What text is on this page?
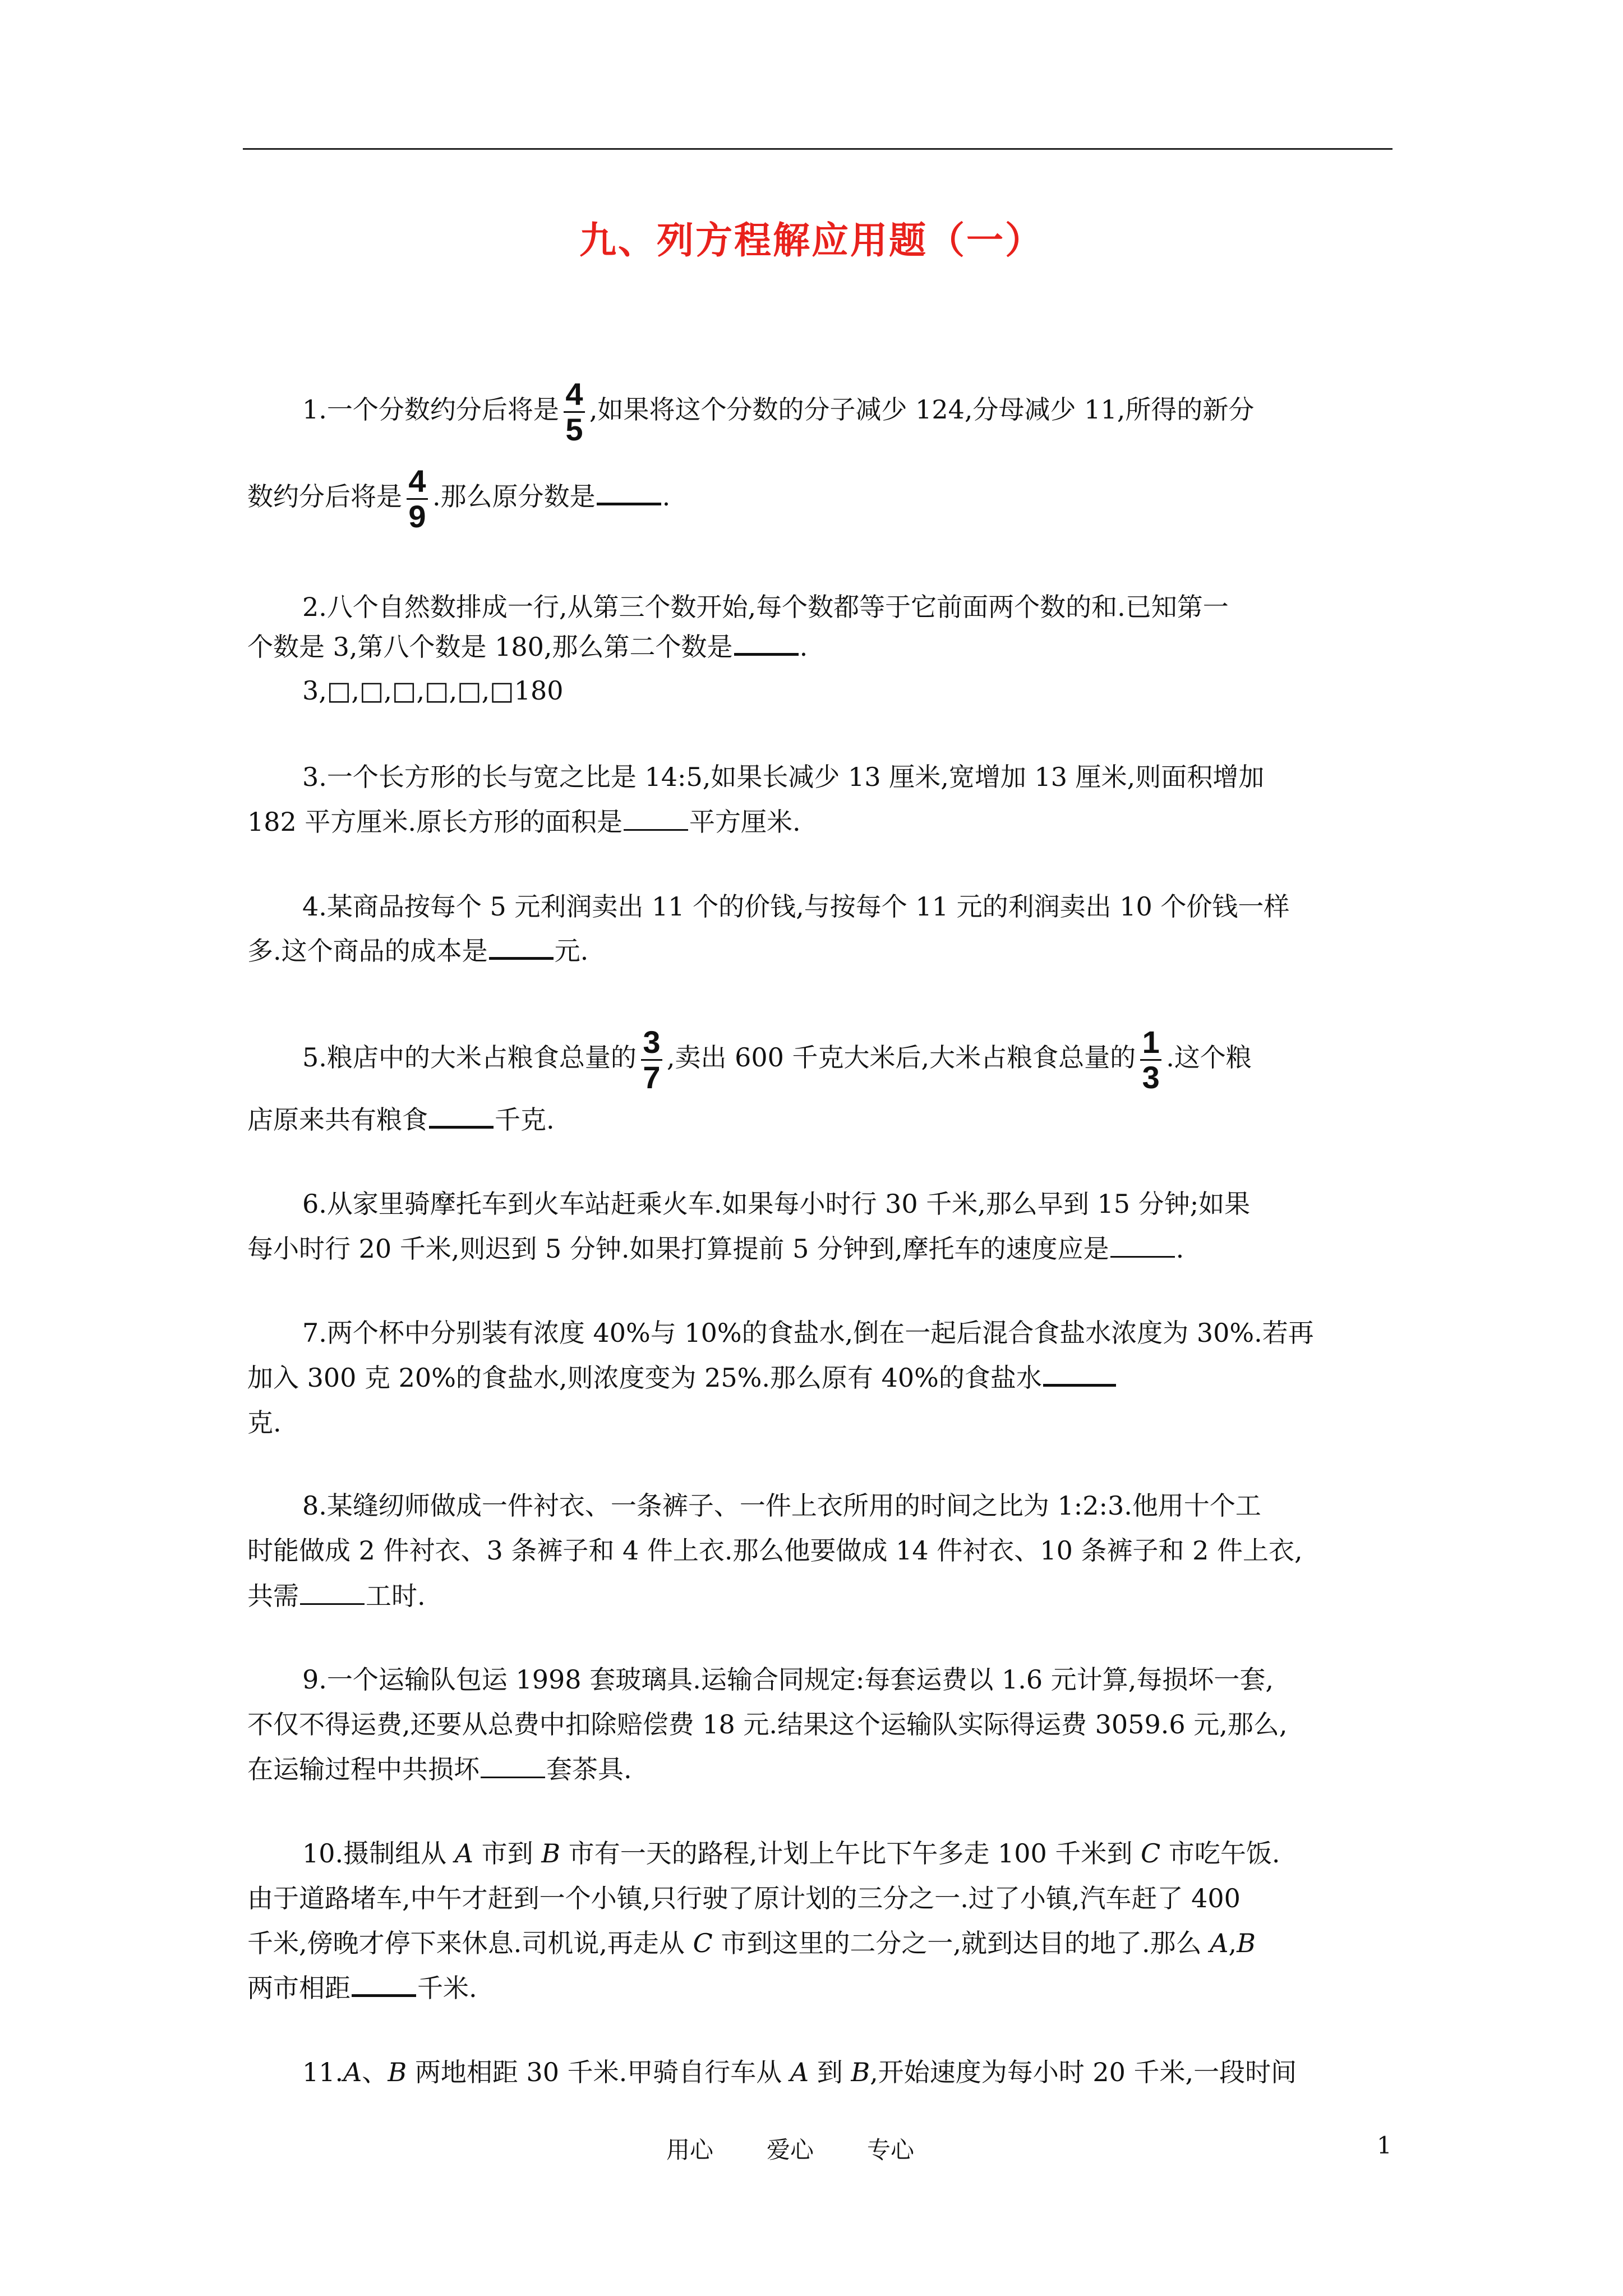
九、列方程解应用题（一）
1.一个分数约分后将是 $\frac{4}{5}$ ,如果将这个分数的分子减少 124,分母减少 11,所得的新分
数约分后将是 $\frac{4}{9}$ .那么原分数是	.
2.八个自然数排成一行,从第三个数开始,每个数都等于它前面两个数的和.已知第一
个数是 3,第八个数是 180,那么第二个数是	.
3,□,□,□,□,□,□180
3.一个长方形的长与宽之比是 14:5,如果长减少 13 厘米,宽增加 13 厘米,则面积增加
182 平方厘米.原长方形的面积是	平方厘米.
4.某商品按每个 5 元利润卖出 11 个的价钱,与按每个 11 元的利润卖出 10 个价钱一样
多.这个商品的成本是	元.
5.粮店中的大米占粮食总量的 $\frac{3}{7}$ ,卖出 600 千克大米后,大米占粮食总量的 $\frac{1}{3}$ .这个粮
店原来共有粮食	千克.
6.从家里骑摩托车到火车站赶乘火车.如果每小时行 30 千米,那么早到 15 分钟;如果
每小时行 20 千米,则迟到 5 分钟.如果打算提前 5 分钟到,摩托车的速度应是	.
7.两个杯中分别装有浓度 40%与 10%的食盐水,倒在一起后混合食盐水浓度为 30%.若再
加入 300 克 20%的食盐水,则浓度变为 25%.那么原有 40%的食盐水
克.
8.某缝纫师做成一件衬衣、一条裤子、一件上衣所用的时间之比为 1:2:3.他用十个工
时能做成 2 件衬衣、3 条裤子和 4 件上衣.那么他要做成 14 件衬衣、10 条裤子和 2 件上衣,
共需	工时.
9.一个运输队包运 1998 套玻璃具.运输合同规定:每套运费以 1.6 元计算,每损坏一套,
不仅不得运费,还要从总费中扣除赔偿费 18 元.结果这个运输队实际得运费 3059.6 元,那么,
在运输过程中共损坏	套茶具.
10.摄制组从 A 市到 B 市有一天的路程,计划上午比下午多走 100 千米到 C 市吃午饭.
由于道路堵车,中午才赶到一个小镇,只行驶了原计划的三分之一.过了小镇,汽车赶了 400
千米,傍晚才停下来休息.司机说,再走从 C 市到这里的二分之一,就到达目的地了.那么 A,B
两市相距	千米.
11.A、B 两地相距 30 千米.甲骑自行车从 A 到 B,开始速度为每小时 20 千米,一段时间
用心 爱心 专心	1
